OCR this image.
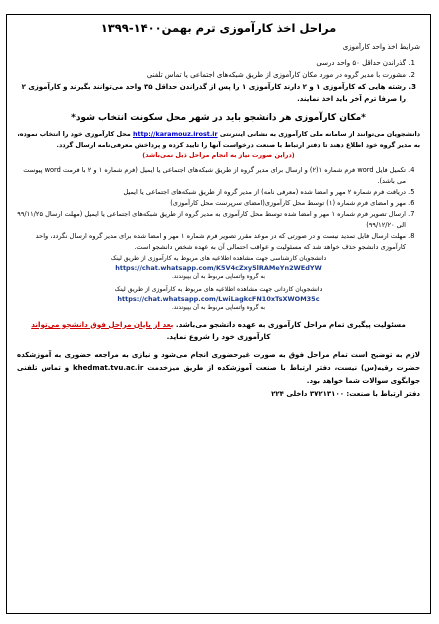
مراحل اخذ کارآموزی ترم بهمن۱۴۰۰-۱۳۹۹
شرایط اخذ واحد کارآموزی
1. گذراندن حداقل ۵۰ واحد درسی
2. مشورت با مدیر گروه در مورد مکان کارآموزی از طریق شبکه‌های اجتماعی یا تماس تلفنی
3. رشته هایی که کارآموزی ۱ و ۲ دارند کارآموزی ۱ را پس از گذراندن حداقل ۳۵ واحد می‌توانند بگیرند و کارآموزی ۲ را صرفا ترم آخر باید اخذ نمایند.
*مکان کارآموزی هر دانشجو باید در شهر محل سکونت انتخاب شود*
دانشجویان می‌توانند از سامانه ملی کارآموزی به نشانی اینترنتی http://karamouz.irost.ir محل کارآموزی خود را انتخاب نموده، به مدیر گروه خود اطلاع دهند تا دفتر ارتباط با صنعت درخواست آنها را تایید کرده و پرداخش معرفی‌نامه ارسال گردد.
(دراین صورت نیاز به انجام مراحل ذیل نمی‌باشد)
4. تکمیل فایل word فرم شماره ۱(۲) و ارسال برای مدیر گروه از طریق شبکه‌های اجتماعی یا ایمیل (فرم شماره ۱ و ۲ با فرمت word پیوست می باشد).
5. دریافت فرم شماره ۲ مهر و امضا شده (معرفی نامه) از مدیر گروه از طریق شبکه‌های اجتماعی یا ایمیل
6. مهر و امضای فرم شماره (۱) توسط محل کارآموزی(امضای سرپرست محل کارآموزی)
7. ارسال تصویر فرم شماره ۱ مهر و امضا شده توسط محل کارآموزی به مدیر گروه از طریق شبکه‌های اجتماعی یا ایمیل (مهلت ارسال ۹۹/۱۱/۲۵ الی ۹۹/۱۲/۲۰)
8. مهلت ارسال فایل تمدید نیست و در صورتی که در موعد مقرر تصویر فرم شماره ۱ مهر و امضا شده برای مدیر گروه ارسال نگردد، واحد کارآموزی دانشجو حذف خواهد شد که مسئولیت و عواقب احتمالی آن به عهده شخص دانشجو است.
دانشجویان کارشناسی جهت مشاهده اطلاعیه های مربوط به کارآموزی از طریق لینک
https://chat.whatsapp.com/K5V4cZxy5lRAMeYn2WEdYW
به گروه واتساپی مربوط به آن بپیوندند.
دانشجویان کاردانی جهت مشاهده اطلاعیه های مربوط به کارآموزی از طریق لینک
https://chat.whatsapp.com/LwiLagkcFN10xTsXWOM35c
به گروه واتساپی مربوط به آن بپیوندند.
مسئولیت پیگیری تمام مراحل کارآموزی به عهده دانشجو می‌باشد. بعد از پایان مراحل فوق دانشجو می‌تواند کارآموزی خود را شروع نماید.
لازم به توضیح است تمام مراحل فوق به صورت غیرحضوری انجام می‌شود و نیازی به مراجعه حضوری به آموزشکده حضرت رقیه(س) نیست، دفتر ارتباط با صنعت آموزشکده از طریق میزخدمت khedmat.tvu.ac.ir و تماس تلفنی جوابگوی سوالات شما خواهد بود.
دفتر ارتباط با صنعت: ۳۷۲۱۳۱۰۰ داخلی ۲۲۴
